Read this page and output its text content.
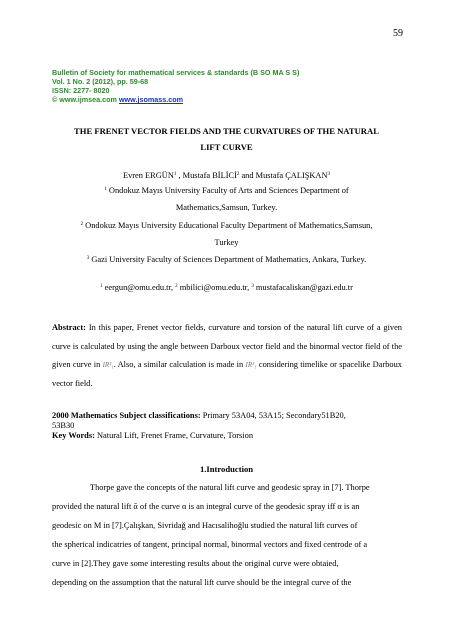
59
Bulletin of Society for mathematical services & standards (B SO MA S S)
Vol. 1 No. 2 (2012), pp. 59-68
ISSN: 2277- 8020
© www.ijmsea.com www.jsomass.com
THE FRENET VECTOR FIELDS AND THE CURVATURES OF THE NATURAL
LIFT CURVE
Evren ERGÜN$^1$ , Mustafa BİLİCİ$^2$ and Mustafa ÇALIŞKAN$^3$
$^1$ Ondokuz Mayıs University Faculty of Arts and Sciences Department of
Mathematics,Samsun, Turkey.
$^2$ Ondokuz Mayıs University Educational Faculty Department of Mathematics,Samsun,
Turkey
$^3$ Gazi University Faculty of Sciences Department of Mathematics, Ankara, Turkey.
$^1$ eergun@omu.edu.tr, $^2$ mbilici@omu.edu.tr, $^3$ mustafacaliskan@gazi.edu.tr
Abstract: In this paper, Frenet vector fields, curvature and torsion of the natural lift curve of a given curve is calculated by using the angle between Darboux vector field and the binormal vector field of the given curve in IR³₁. Also, a similar calculation is made in IR³₁ considering timelike or spacelike Darboux vector field.
2000 Mathematics Subject classifications: Primary 53A04, 53A15; Secondary51B20,
53B30
Key Words: Natural Lift, Frenet Frame, Curvature, Torsion
1.Introduction
Thorpe gave the concepts of the natural lift curve and geodesic spray in [7]. Thorpe
provided the natural lift ᾱ of the curve α is an integral curve of the geodesic spray iff α is an
geodesic on M in [7].Çalışkan, Sivridağ and Hacısalihoğlu studied the natural lift curves of
the spherical indicatries of tangent, principal normal, binormal vectors and fixed centrode of a
curve in [2].They gave some interesting results about the original curve were obtaied,
depending on the assumption that the natural lift curve should be the integral curve of the
